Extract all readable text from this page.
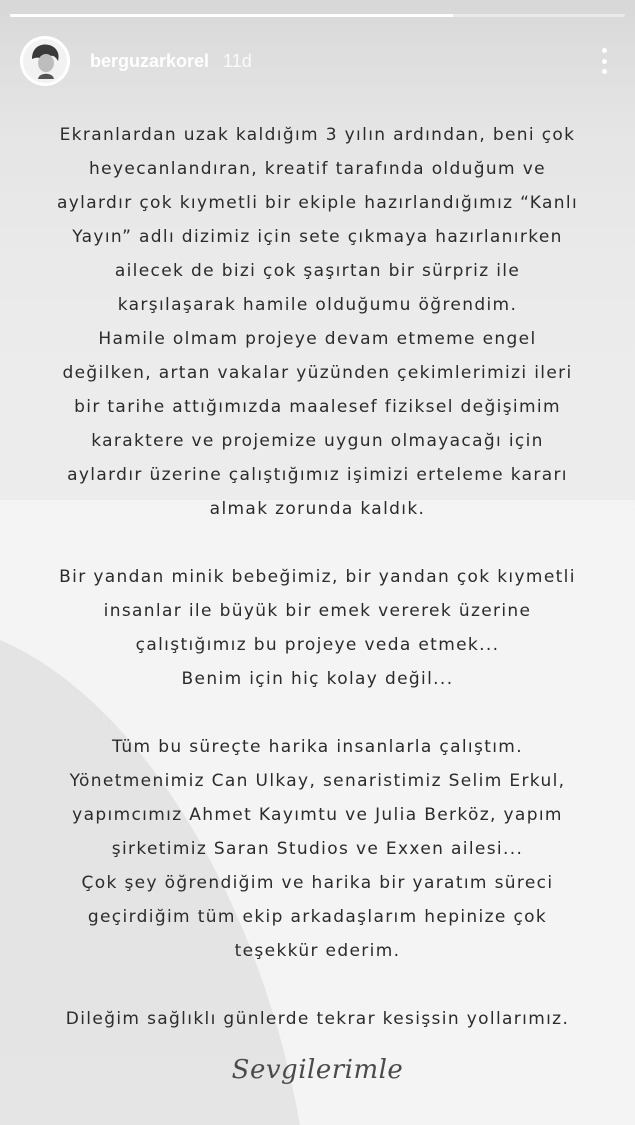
berguzarkorel 11d
Ekranlardan uzak kaldığım 3 yılın ardından, beni çok
heyecanlandıran, kreatif tarafında olduğum ve
aylardır çok kıymetli bir ekiple hazırlandığımız “Kanlı
Yayın” adlı dizimiz için sete çıkmaya hazırlanırken
ailecek de bizi çok şaşırtan bir sürpriz ile
karşılaşarak hamile olduğumu öğrendim.
Hamile olmam projeye devam etmeme engel
değilken, artan vakalar yüzünden çekimlerimizi ileri
bir tarihe attığımızda maalesef fiziksel değişimim
karaktere ve projemize uygun olmayacağı için
aylardır üzerine çalıştığımız işimizi erteleme kararı
almak zorunda kaldık.
Bir yandan minik bebeğimiz, bir yandan çok kıymetli
insanlar ile büyük bir emek vererek üzerine
çalıştığımız bu projeye veda etmek...
Benim için hiç kolay değil...
Tüm bu süreçte harika insanlarla çalıştım.
Yönetmenimiz Can Ulkay, senaristimiz Selim Erkul,
yapımcımız Ahmet Kayımtu ve Julia Berköz, yapım
şirketimiz Saran Studios ve Exxen ailesi...
Çok şey öğrendiğim ve harika bir yaratım süreci
geçirdiğim tüm ekip arkadaşlarım hepinize çok
teşekkür ederim.
Dileğim sağlıklı günlerde tekrar kesişsin yollarımız.
Sevgilerimle
